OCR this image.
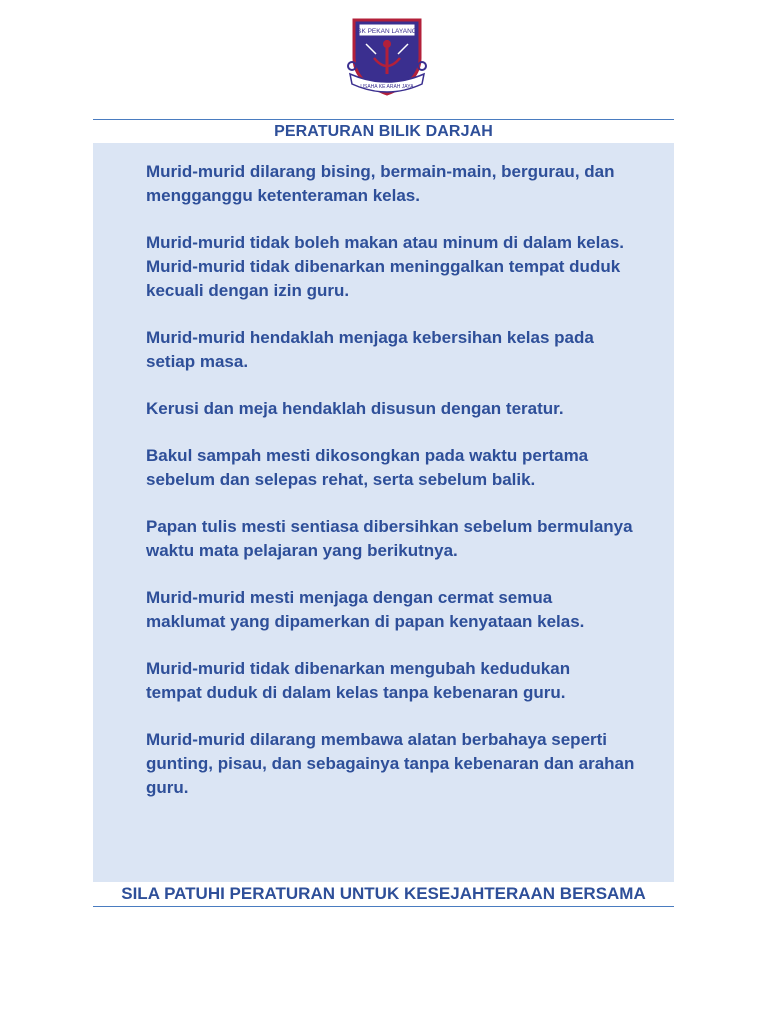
SK PEKAN LAYANG
USAHA KE ARAH JAYA
PERATURAN BILIK DARJAH
Murid-murid dilarang bising, bermain-main, bergurau, dan
mengganggu ketenteraman kelas.
Murid-murid tidak boleh makan atau minum di dalam kelas.
Murid-murid tidak dibenarkan meninggalkan tempat duduk
kecuali dengan izin guru.
Murid-murid hendaklah menjaga kebersihan kelas pada
setiap masa.
Kerusi dan meja hendaklah disusun dengan teratur.
Bakul sampah mesti dikosongkan pada waktu pertama
sebelum dan selepas rehat, serta sebelum balik.
Papan tulis mesti sentiasa dibersihkan sebelum bermulanya
waktu mata pelajaran yang berikutnya.
Murid-murid mesti menjaga dengan cermat semua
maklumat yang dipamerkan di papan kenyataan kelas.
Murid-murid tidak dibenarkan mengubah kedudukan
tempat duduk di dalam kelas tanpa kebenaran guru.
Murid-murid dilarang membawa alatan berbahaya seperti
gunting, pisau, dan sebagainya tanpa kebenaran dan arahan
guru.
SILA PATUHI PERATURAN UNTUK KESEJAHTERAAN BERSAMA
